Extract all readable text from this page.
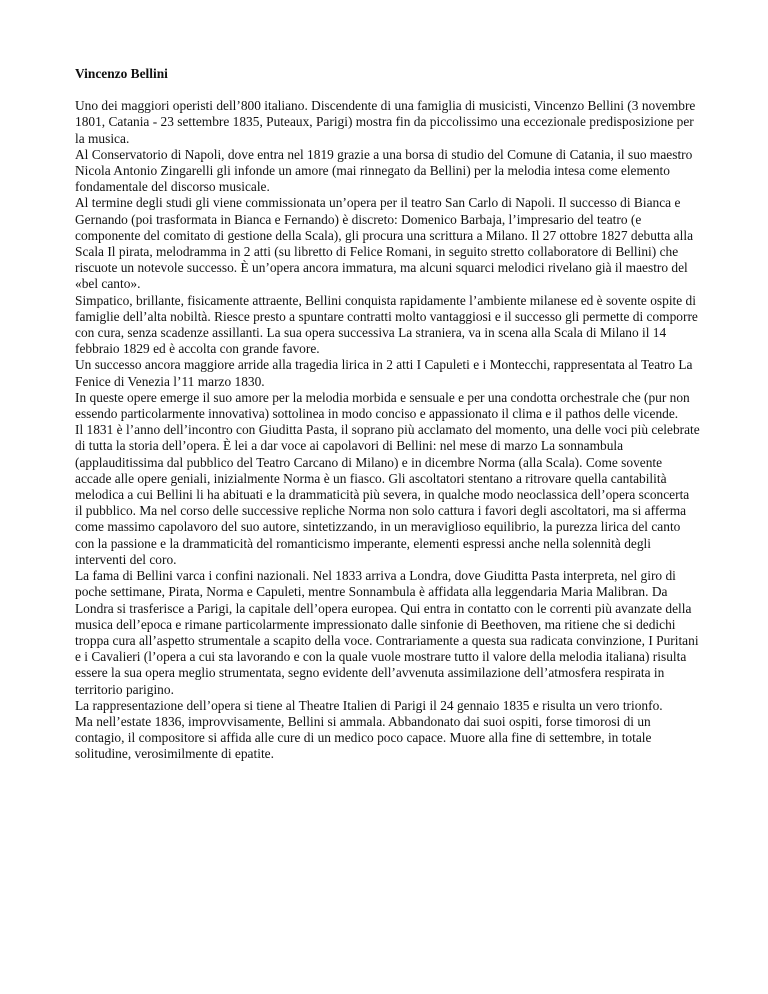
Vincenzo Bellini

Uno dei maggiori operisti dell’800 italiano. Discendente di una famiglia di musicisti, Vincenzo Bellini (3 novembre 1801, Catania - 23 settembre 1835, Puteaux, Parigi) mostra fin da piccolissimo una eccezionale predisposizione per la musica.

Al Conservatorio di Napoli, dove entra nel 1819 grazie a una borsa di studio del Comune di Catania, il suo maestro Nicola Antonio Zingarelli gli infonde un amore (mai rinnegato da Bellini) per la melodia intesa come elemento fondamentale del discorso musicale.

Al termine degli studi gli viene commissionata un’opera per il teatro San Carlo di Napoli. Il successo di Bianca e Gernando (poi trasformata in Bianca e Fernando) è discreto: Domenico Barbaja, l’impresario del teatro (e componente del comitato di gestione della Scala), gli procura una scrittura a Milano. Il 27 ottobre 1827 debutta alla Scala Il pirata, melodramma in 2 atti (su libretto di Felice Romani, in seguito stretto collaboratore di Bellini) che riscuote un notevole successo. È un’opera ancora immatura, ma alcuni squarci melodici rivelano già il maestro del «bel canto».

Simpatico, brillante, fisicamente attraente, Bellini conquista rapidamente l’ambiente milanese ed è sovente ospite di famiglie dell’alta nobiltà. Riesce presto a spuntare contratti molto vantaggiosi e il successo gli permette di comporre con cura, senza scadenze assillanti. La sua opera successiva La straniera, va in scena alla Scala di Milano il 14 febbraio 1829 ed è accolta con grande favore.

Un successo ancora maggiore arride alla tragedia lirica in 2 atti I Capuleti e i Montecchi, rappresentata al Teatro La Fenice di Venezia l’11 marzo 1830.

In queste opere emerge il suo amore per la melodia morbida e sensuale e per una condotta orchestrale che (pur non essendo particolarmente innovativa) sottolinea in modo conciso e appassionato il clima e il pathos delle vicende.

Il 1831 è l’anno dell’incontro con Giuditta Pasta, il soprano più acclamato del momento, una delle voci più celebrate di tutta la storia dell’opera. È lei a dar voce ai capolavori di Bellini: nel mese di marzo La sonnambula (applauditissima dal pubblico del Teatro Carcano di Milano) e in dicembre Norma (alla Scala). Come sovente accade alle opere geniali, inizialmente Norma è un fiasco. Gli ascoltatori stentano a ritrovare quella cantabilità melodica a cui Bellini li ha abituati e la drammaticità più severa, in qualche modo neoclassica dell’opera sconcerta il pubblico. Ma nel corso delle successive repliche Norma non solo cattura i favori degli ascoltatori, ma si afferma come massimo capolavoro del suo autore, sintetizzando, in un meraviglioso equilibrio, la purezza lirica del canto con la passione e la drammaticità del romanticismo imperante, elementi espressi anche nella solennità degli interventi del coro.

La fama di Bellini varca i confini nazionali. Nel 1833 arriva a Londra, dove Giuditta Pasta interpreta, nel giro di poche settimane, Pirata, Norma e Capuleti, mentre Sonnambula è affidata alla leggendaria Maria Malibran. Da Londra si trasferisce a Parigi, la capitale dell’opera europea. Qui entra in contatto con le correnti più avanzate della musica dell’epoca e rimane particolarmente impressionato dalle sinfonie di Beethoven, ma ritiene che si dedichi troppa cura all’aspetto strumentale a scapito della voce. Contrariamente a questa sua radicata convinzione, I Puritani e i Cavalieri (l’opera a cui sta lavorando e con la quale vuole mostrare tutto il valore della melodia italiana) risulta essere la sua opera meglio strumentata, segno evidente dell’avvenuta assimilazione dell’atmosfera respirata in territorio parigino.

La rappresentazione dell’opera si tiene al Theatre Italien di Parigi il 24 gennaio 1835 e risulta un vero trionfo.

Ma nell’estate 1836, improvvisamente, Bellini si ammala. Abbandonato dai suoi ospiti, forse timorosi di un contagio, il compositore si affida alle cure di un medico poco capace. Muore alla fine di settembre, in totale solitudine, verosimilmente di epatite.
